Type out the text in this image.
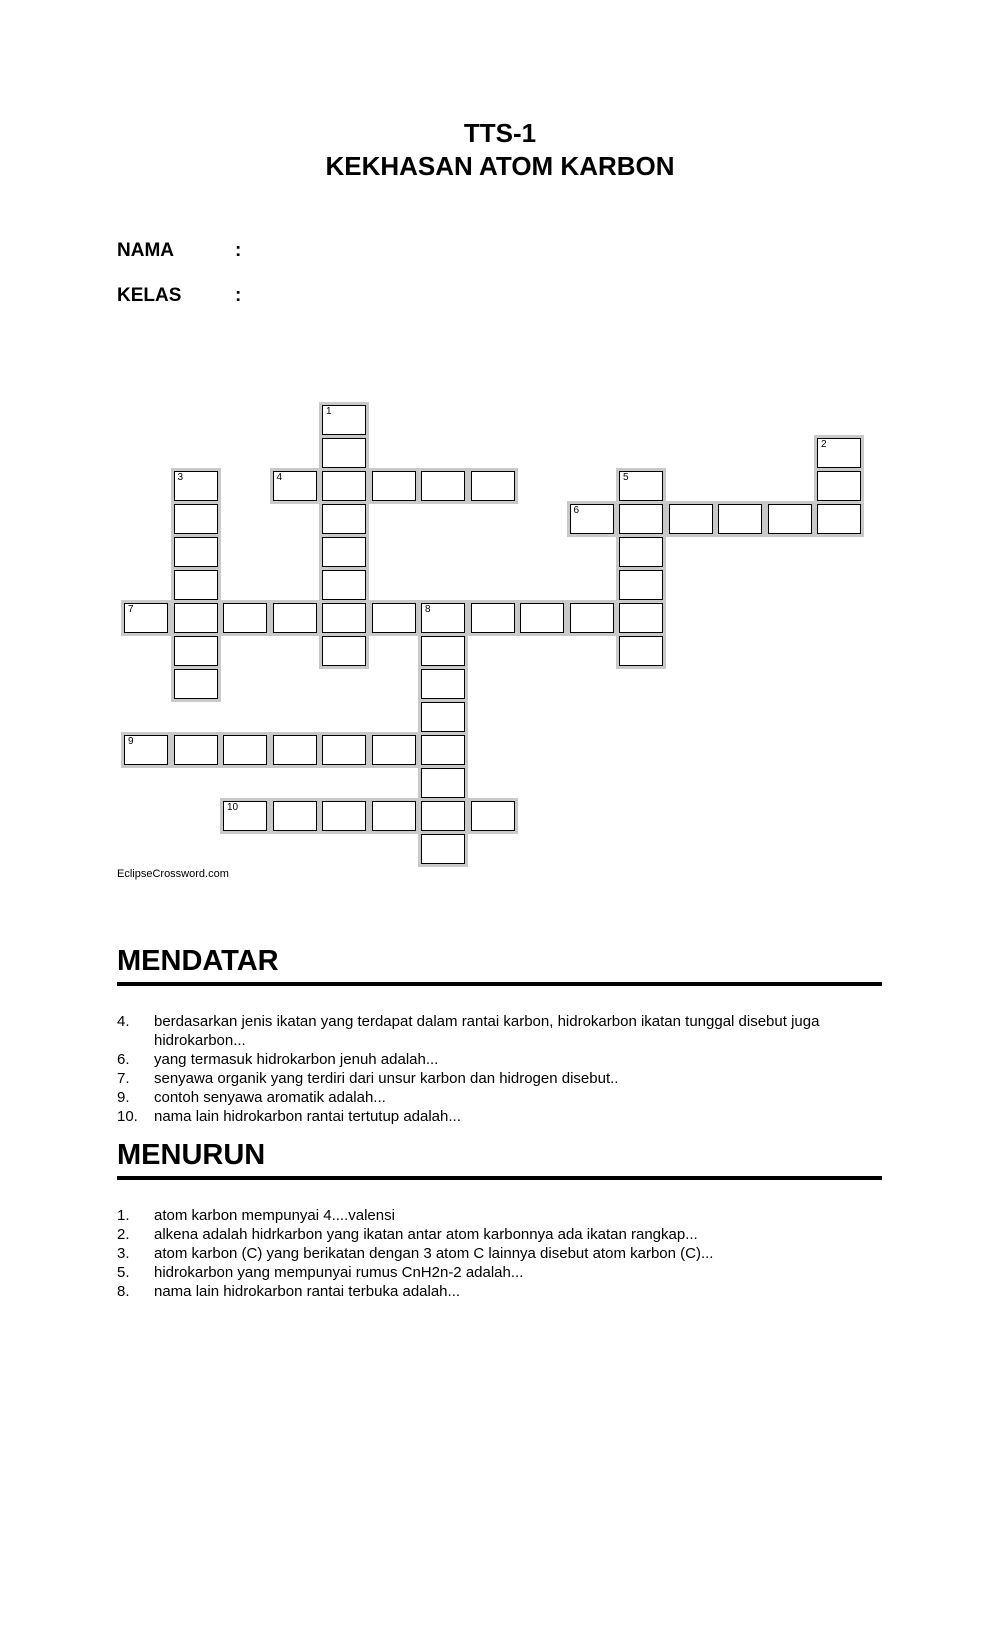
TTS-1
KEKHASAN ATOM KARBON
NAMA	:
KELAS	:
1
2
3	4	5
6
7	8
9
10
EclipseCrossword.com
MENDATAR
4. berdasarkan jenis ikatan yang terdapat dalam rantai karbon, hidrokarbon ikatan tunggal disebut juga hidrokarbon...
6. yang termasuk hidrokarbon jenuh adalah...
7. senyawa organik yang terdiri dari unsur karbon dan hidrogen disebut..
9. contoh senyawa aromatik adalah...
10. nama lain hidrokarbon rantai tertutup adalah...
MENURUN
1. atom karbon mempunyai 4....valensi
2. alkena adalah hidrkarbon yang ikatan antar atom karbonnya ada ikatan rangkap...
3. atom karbon (C) yang berikatan dengan 3 atom C lainnya disebut atom karbon (C)...
5. hidrokarbon yang mempunyai rumus CnH2n-2 adalah...
8. nama lain hidrokarbon rantai terbuka adalah...
